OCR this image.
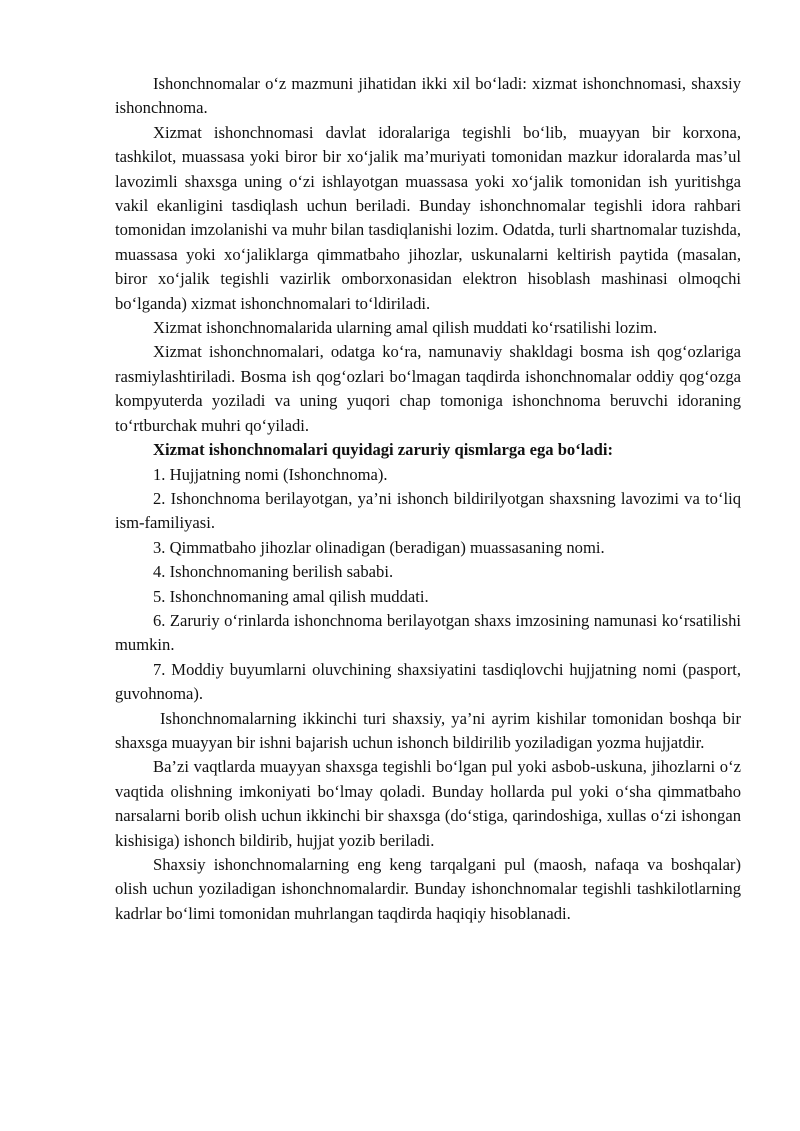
Ishonchnomalar o‘z mazmuni jihatidan ikki xil bo‘ladi: xizmat ishonchnomasi, shaxsiy ishonchnoma.

Xizmat ishonchnomasi davlat idoralariga tegishli bo‘lib, muayyan bir korxona, tashkilot, muassasa yoki biror bir xo‘jalik ma’muriyati tomonidan mazkur idoralarda mas’ul lavozimli shaxsga uning o‘zi ishlayotgan muassasa yoki xo‘jalik tomonidan ish yuritishga vakil ekanligini tasdiqlash uchun beriladi. Bunday ishonchnomalar tegishli idora rahbari tomonidan imzolanishi va muhr bilan tasdiqlanishi lozim. Odatda, turli shartnomalar tuzishda, muassasa yoki xo‘jaliklarga qimmatbaho jihozlar, uskunalarni keltirish paytida (masalan, biror xo‘jalik tegishli vazirlik omborxonasidan elektron hisoblash mashinasi olmoqchi bo‘lganda) xizmat ishonchnomalari to‘ldiriladi.

Xizmat ishonchnomalarida ularning amal qilish muddati ko‘rsatilishi lozim.

Xizmat ishonchnomalari, odatga ko‘ra, namunaviy shakldagi bosma ish qog‘ozlariga rasmiylashtiriladi. Bosma ish qog‘ozlari bo‘lmagan taqdirda ishonchnomalar oddiy qog‘ozga kompyuterda yoziladi va uning yuqori chap tomoniga ishonchnoma beruvchi idoraning to‘rtburchak muhri qo‘yiladi.

Xizmat ishonchnomalari quyidagi zaruriy qismlarga ega bo‘ladi:

1. Hujjatning nomi (Ishonchnoma).

2. Ishonchnoma berilayotgan, ya’ni ishonch bildirilyotgan shaxsning lavozimi va to‘liq ism-familiyasi.

3. Qimmatbaho jihozlar olinadigan (beradigan) muassasaning nomi.

4. Ishonchnomaning berilish sababi.

5. Ishonchnomaning amal qilish muddati.

6. Zaruriy o‘rinlarda ishonchnoma berilayotgan shaxs imzosining namunasi ko‘rsatilishi mumkin.

7. Moddiy buyumlarni oluvchining shaxsiyatini tasdiqlovchi hujjatning nomi (pasport, guvohnoma).

Ishonchnomalarning ikkinchi turi shaxsiy, ya’ni ayrim kishilar tomonidan boshqa bir shaxsga muayyan bir ishni bajarish uchun ishonch bildirilib yoziladigan yozma hujjatdir.

Ba’zi vaqtlarda muayyan shaxsga tegishli bo‘lgan pul yoki asbob-uskuna, jihozlarni o‘z vaqtida olishning imkoniyati bo‘lmay qoladi. Bunday hollarda pul yoki o‘sha qimmatbaho narsalarni borib olish uchun ikkinchi bir shaxsga (do‘stiga, qarindoshiga, xullas o‘zi ishongan kishisiga) ishonch bildirib, hujjat yozib beriladi.

Shaxsiy ishonchnomalarning eng keng tarqalgani pul (maosh, nafaqa va boshqalar) olish uchun yoziladigan ishonchnomalardir. Bunday ishonchnomalar tegishli tashkilotlarning kadrlar bo‘limi tomonidan muhrlangan taqdirda haqiqiy hisoblanadi.
